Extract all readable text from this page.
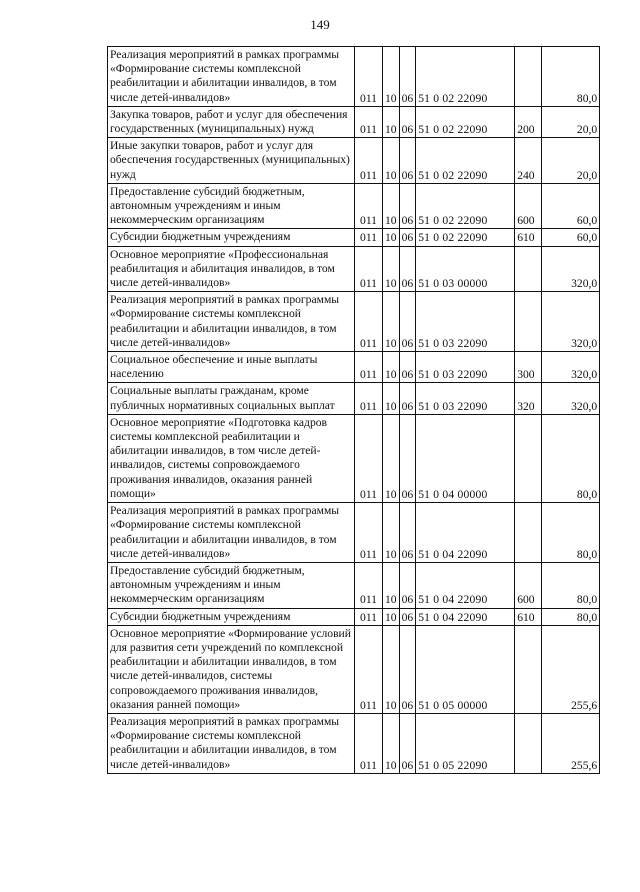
149
Реализация мероприятий в рамках программы «Формирование системы комплексной реабилитации и абилитации инвалидов, в том числе детей-инвалидов»	011	10	06	51 0 02 22090		80,0
Закупка товаров, работ и услуг для обеспечения государственных (муниципальных) нужд	011	10	06	51 0 02 22090	200	20,0
Иные закупки товаров, работ и услуг для обеспечения государственных (муниципальных) нужд	011	10	06	51 0 02 22090	240	20,0
Предоставление субсидий бюджетным, автономным учреждениям и иным некоммерческим организациям	011	10	06	51 0 02 22090	600	60,0
Субсидии бюджетным учреждениям	011	10	06	51 0 02 22090	610	60,0
Основное мероприятие «Профессиональная реабилитация и абилитация инвалидов, в том числе детей-инвалидов»	011	10	06	51 0 03 00000		320,0
Реализация мероприятий в рамках программы «Формирование системы комплексной реабилитации и абилитации инвалидов, в том числе детей-инвалидов»	011	10	06	51 0 03 22090		320,0
Социальное обеспечение и иные выплаты населению	011	10	06	51 0 03 22090	300	320,0
Социальные выплаты гражданам, кроме публичных нормативных социальных выплат	011	10	06	51 0 03 22090	320	320,0
Основное мероприятие «Подготовка кадров системы комплексной реабилитации и абилитации инвалидов, в том числе детей-инвалидов, системы сопровождаемого проживания инвалидов, оказания ранней помощи»	011	10	06	51 0 04 00000		80,0
Реализация мероприятий в рамках программы «Формирование системы комплексной реабилитации и абилитации инвалидов, в том числе детей-инвалидов»	011	10	06	51 0 04 22090		80,0
Предоставление субсидий бюджетным, автономным учреждениям и иным некоммерческим организациям	011	10	06	51 0 04 22090	600	80,0
Субсидии бюджетным учреждениям	011	10	06	51 0 04 22090	610	80,0
Основное мероприятие «Формирование условий для развития сети учреждений по комплексной реабилитации и абилитации инвалидов, в том числе детей-инвалидов, системы сопровождаемого проживания инвалидов, оказания ранней помощи»	011	10	06	51 0 05 00000		255,6
Реализация мероприятий в рамках программы «Формирование системы комплексной реабилитации и абилитации инвалидов, в том числе детей-инвалидов»	011	10	06	51 0 05 22090		255,6
